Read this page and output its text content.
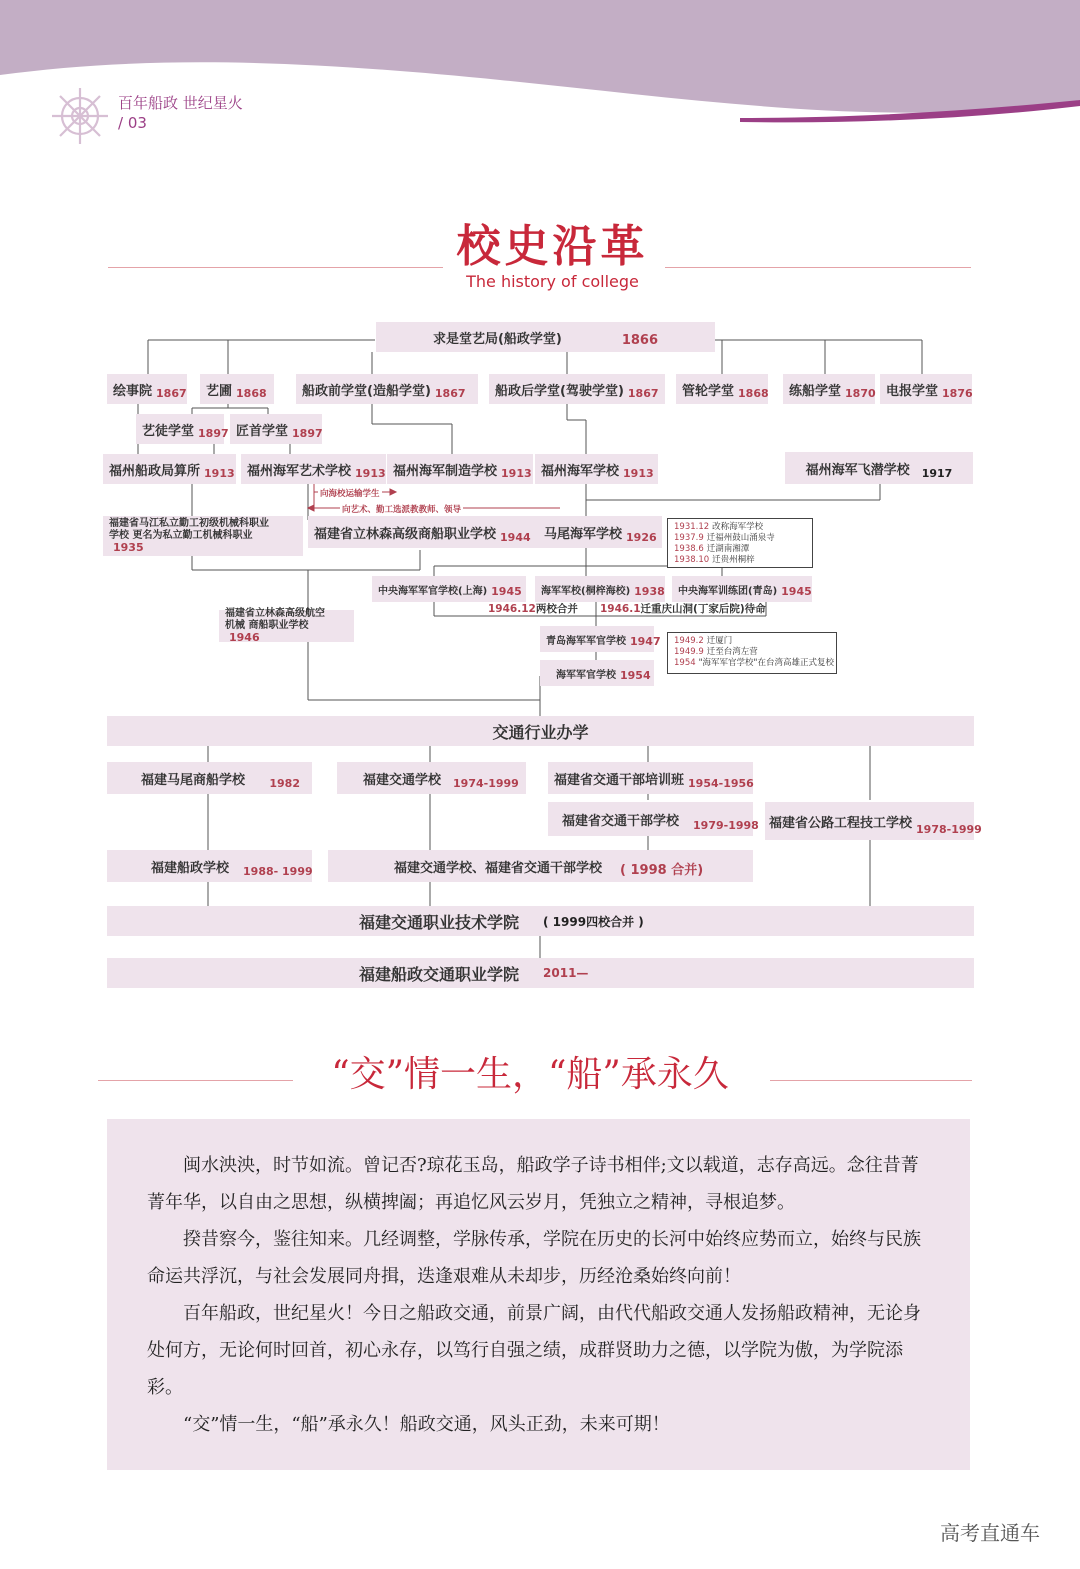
百年船政 世纪星火
/ 03
校史沿革
The history of college
求是堂艺局(船政学堂)	1866
绘事院 1867 艺圃 1868	船政前学堂(造船学堂) 1867 船政后学堂(驾驶学堂) 1867 管轮学堂 1868 练船学堂 1870 电报学堂 1876
艺徒学堂 1897 匠首学堂 1897
福州船政局算所 1913 福州海军艺术学校 1913 福州海军制造学校 1913 福州海军学校 1913	福州海军飞潜学校 1917
向海校运输学生
向艺术、勤工选派教教师、领导
福建省马江私立勤工初级机械科职业学校 更名为私立勤工机械科职业
1935
福建省立林森高级商船职业学校 1944 马尾海军学校 1926
1931.12 改称海军学校
1937.9 迁福州鼓山涌泉寺
1938.6 迁湖南湘潭
1938.10 迁贵州桐梓
中央海军军官学校(上海) 1945 海军军校(桐梓海校) 1938 中央海军训练团(青岛) 1945
1946.12两校合并 1946.1迁重庆山洞(丁家后院)待命
福建省立林森高级航空机械 商船职业学校
1946	青岛海军军官学校 1947
海军军官学校 1954
1949.2 迁厦门
1949.9 迁至台湾左营
1954 "海军军官学校"在台湾高雄正式复校
交通行业办学
福建马尾商船学校 1982	福建交通学校 1974-1999	福建省交通干部培训班 1954-1956
福建省交通干部学校 1979-1998 福建省公路工程技工学校 1978-1999
福建船政学校 1988- 1999	福建交通学校、福建省交通干部学校 ( 1998 合并)
福建交通职业技术学院 ( 1999四校合并 )
福建船政交通职业学院 2011—
“交”情一生，“船”承永久

闽水泱泱，时节如流。曾记否?琼花玉岛，船政学子诗书相伴;文以载道，志存高远。念往昔菁菁年华，以自由之思想，纵横捭阖；再追忆风云岁月，凭独立之精神，寻根追梦。

揆昔察今，鉴往知来。几经调整，学脉传承，学院在历史的长河中始终应势而立，始终与民族命运共浮沉，与社会发展同舟揖，迭逢艰难从未却步，历经沧桑始终向前！

百年船政，世纪星火！今日之船政交通，前景广阔，由代代船政交通人发扬船政精神，无论身处何方，无论何时回首，初心永存，以笃行自强之绩，成群贤助力之德，以学院为傲，为学院添彩。

“交”情一生，“船”承永久！船政交通，风头正劲，未来可期！

高考直通车
